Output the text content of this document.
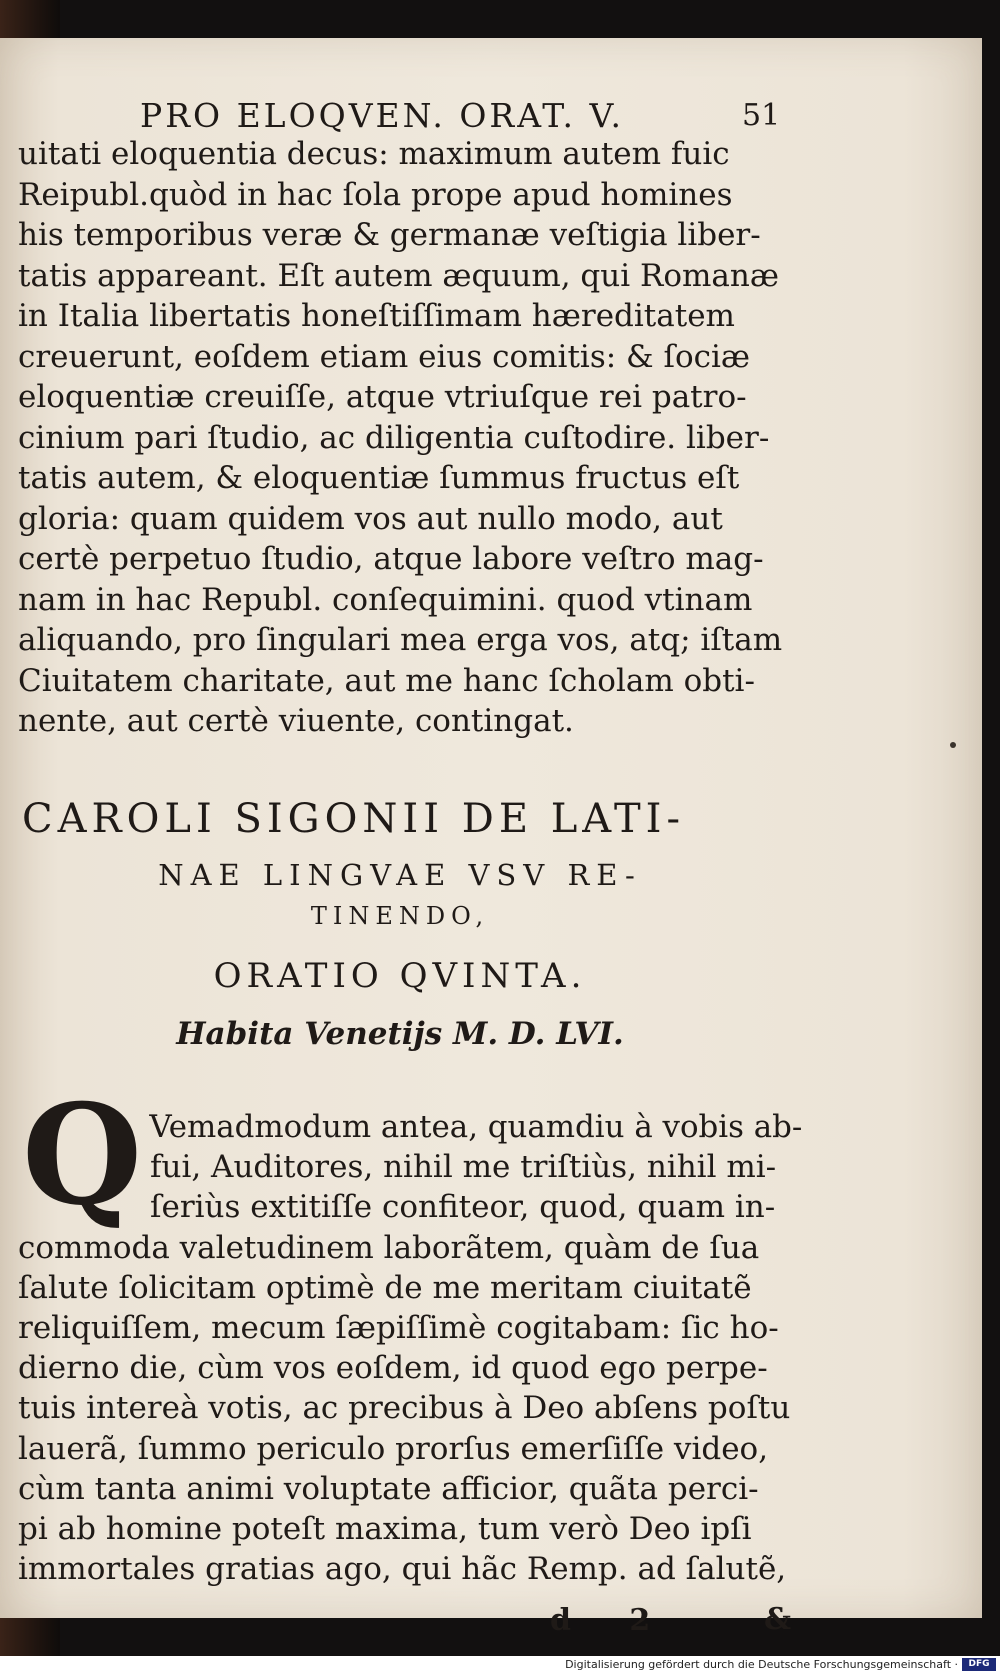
PRO ELOQVEN. ORAT. V.	51
uitati eloquentia decus: maximum autem fuic
Reipubl.quòd in hac ſola prope apud homines
his temporibus veræ & germanæ veſtigia liber-
tatis appareant. Eſt autem æquum, qui Romanæ
in Italia libertatis honeſtiſſimam hæreditatem
creuerunt, eoſdem etiam eius comitis: & ſociæ
eloquentiæ creuiſſe, atque vtriuſque rei patro-
cinium pari ſtudio, ac diligentia cuſtodire. liber-
tatis autem, & eloquentiæ ſummus fructus eſt
gloria: quam quidem vos aut nullo modo, aut
certè perpetuo ſtudio, atque labore veſtro mag-
nam in hac Republ. conſequimini. quod vtinam
aliquando, pro ſingulari mea erga vos, atq; iſtam
Ciuitatem charitate, aut me hanc ſcholam obti-
nente, aut certè viuente, contingat.
CAROLI SIGONII DE LATI-
NAE LINGVAE VSV RE-
TINENDO,
ORATIO QVINTA.
Habita Venetijs M. D. LVI.
Q Vemadmodum antea, quamdiu à vobis ab-
fui, Auditores, nihil me triſtiùs, nihil mi-
ſeriùs extitiſſe confiteor, quod, quam in-
commoda valetudinem laborãtem, quàm de ſua
ſalute ſolicitam optimè de me meritam ciuitatẽ
reliquiſſem, mecum ſæpiſſimè cogitabam: ſic ho-
dierno die, cùm vos eoſdem, id quod ego perpe-
tuis intereà votis, ac precibus à Deo abſens poſtu
lauerã, ſummo periculo prorſus emerſiſſe video,
cùm tanta animi voluptate afficior, quãta perci-
pi ab homine poteſt maxima, tum verò Deo ipſi
immortales gratias ago, qui hãc Remp. ad ſalutẽ,
d 2	&
Digitalisierung gefördert durch die Deutsche Forschungsgemeinschaft ·	DFG
